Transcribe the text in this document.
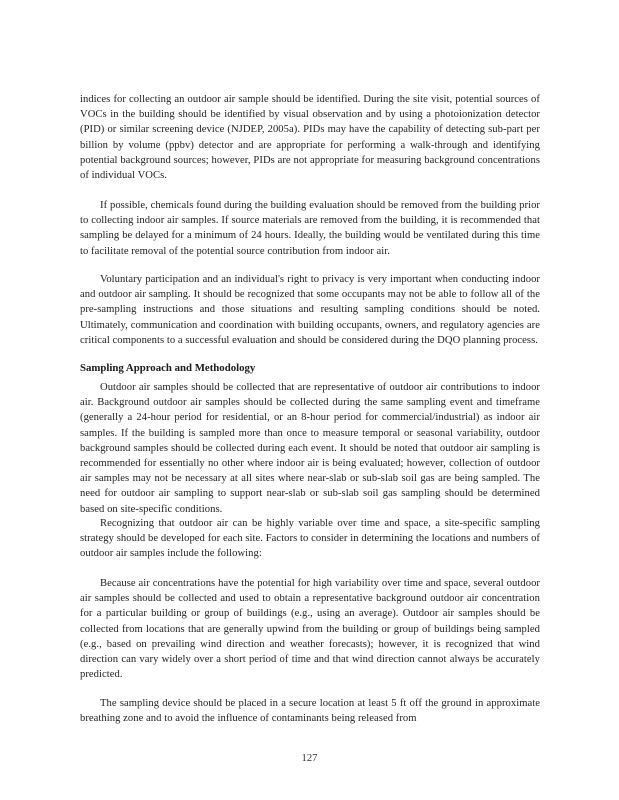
indices for collecting an outdoor air sample should be identified. During the site visit, potential sources of VOCs in the building should be identified by visual observation and by using a photoionization detector (PID) or similar screening device (NJDEP, 2005a). PIDs may have the capability of detecting sub-part per billion by volume (ppbv) detector and are appropriate for performing a walk-through and identifying potential background sources; however, PIDs are not appropriate for measuring background concentrations of individual VOCs.

If possible, chemicals found during the building evaluation should be removed from the building prior to collecting indoor air samples. If source materials are removed from the building, it is recommended that sampling be delayed for a minimum of 24 hours. Ideally, the building would be ventilated during this time to facilitate removal of the potential source contribution from indoor air.

Voluntary participation and an individual's right to privacy is very important when conducting indoor and outdoor air sampling. It should be recognized that some occupants may not be able to follow all of the pre-sampling instructions and those situations and resulting sampling conditions should be noted. Ultimately, communication and coordination with building occupants, owners, and regulatory agencies are critical components to a successful evaluation and should be considered during the DQO planning process.

Sampling Approach and Methodology

Outdoor air samples should be collected that are representative of outdoor air contributions to indoor air. Background outdoor air samples should be collected during the same sampling event and timeframe (generally a 24-hour period for residential, or an 8-hour period for commercial/industrial) as indoor air samples. If the building is sampled more than once to measure temporal or seasonal variability, outdoor background samples should be collected during each event. It should be noted that outdoor air sampling is recommended for essentially no other where indoor air is being evaluated; however, collection of outdoor air samples may not be necessary at all sites where near-slab or sub-slab soil gas are being sampled. The need for outdoor air sampling to support near-slab or sub-slab soil gas sampling should be determined based on site-specific conditions.

Recognizing that outdoor air can be highly variable over time and space, a site-specific sampling strategy should be developed for each site. Factors to consider in determining the locations and numbers of outdoor air samples include the following:

Because air concentrations have the potential for high variability over time and space, several outdoor air samples should be collected and used to obtain a representative background outdoor air concentration for a particular building or group of buildings (e.g., using an average). Outdoor air samples should be collected from locations that are generally upwind from the building or group of buildings being sampled (e.g., based on prevailing wind direction and weather forecasts); however, it is recognized that wind direction can vary widely over a short period of time and that wind direction cannot always be accurately predicted.

The sampling device should be placed in a secure location at least 5 ft off the ground in approximate breathing zone and to avoid the influence of contaminants being released from

127
